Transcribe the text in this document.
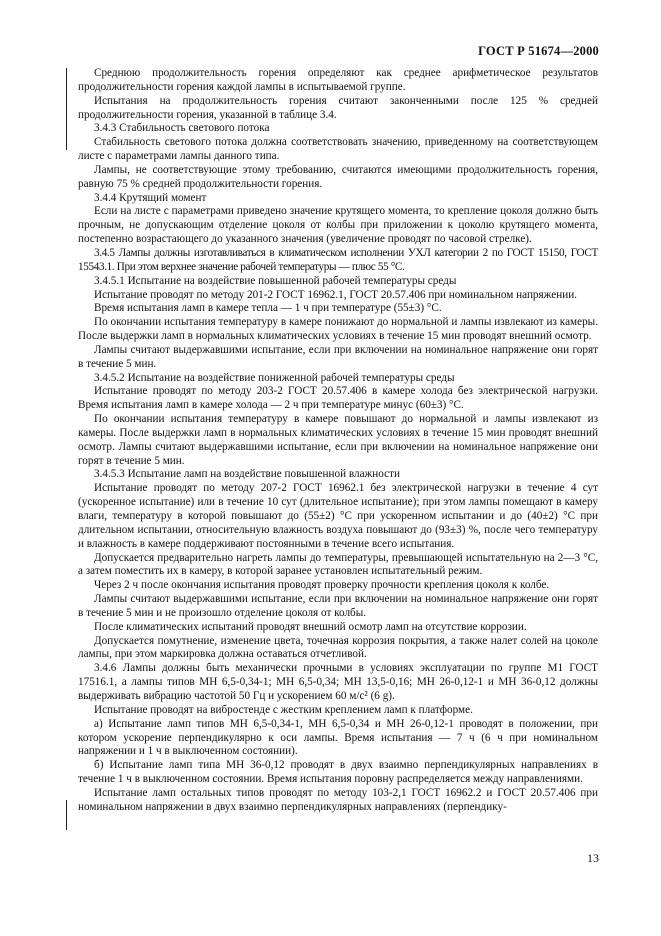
ГОСТ Р 51674—2000

Среднюю продолжительность горения определяют как среднее арифметическое результатов продолжительности горения каждой лампы в испытываемой группе.

Испытания на продолжительность горения считают законченными после 125 % средней продолжительности горения, указанной в таблице 3.4.

3.4.3 Стабильность светового потока

Стабильность светового потока должна соответствовать значению, приведенному на соответствующем листе с параметрами лампы данного типа.

Лампы, не соответствующие этому требованию, считаются имеющими продолжительность горения, равную 75 % средней продолжительности горения.

3.4.4 Крутящий момент

Если на листе с параметрами приведено значение крутящего момента, то крепление цоколя должно быть прочным, не допускающим отделение цоколя от колбы при приложении к цоколю крутящего момента, постепенно возрастающего до указанного значения (увеличение проводят по часовой стрелке).

3.4.5 Лампы должны изготавливаться в климатическом исполнении УХЛ категории 2 по ГОСТ 15150, ГОСТ 15543.1. При этом верхнее значение рабочей температуры — плюс 55 °С.

3.4.5.1 Испытание на воздействие повышенной рабочей температуры среды

Испытание проводят по методу 201-2 ГОСТ 16962.1, ГОСТ 20.57.406 при номинальном напряжении.

Время испытания ламп в камере тепла — 1 ч при температуре (55±3) °С.

По окончании испытания температуру в камере понижают до нормальной и лампы извлекают из камеры. После выдержки ламп в нормальных климатических условиях в течение 15 мин проводят внешний осмотр.

Лампы считают выдержавшими испытание, если при включении на номинальное напряжение они горят в течение 5 мин.

3.4.5.2 Испытание на воздействие пониженной рабочей температуры среды

Испытание проводят по методу 203-2 ГОСТ 20.57.406 в камере холода без электрической нагрузки. Время испытания ламп в камере холода — 2 ч при температуре минус (60±3) °С.

По окончании испытания температуру в камере повышают до нормальной и лампы извлекают из камеры. После выдержки ламп в нормальных климатических условиях в течение 15 мин проводят внешний осмотр. Лампы считают выдержавшими испытание, если при включении на номинальное напряжение они горят в течение 5 мин.

3.4.5.3 Испытание ламп на воздействие повышенной влажности

Испытание проводят по методу 207-2 ГОСТ 16962.1 без электрической нагрузки в течение 4 сут (ускоренное испытание) или в течение 10 сут (длительное испытание); при этом лампы помещают в камеру влаги, температуру в которой повышают до (55±2) °С при ускоренном испытании и до (40±2) °С при длительном испытании, относительную влажность воздуха повышают до (93±3) %, после чего температуру и влажность в камере поддерживают постоянными в течение всего испытания.

Допускается предварительно нагреть лампы до температуры, превышающей испытательную на 2—3 °С, а затем поместить их в камеру, в которой заранее установлен испытательный режим.

Через 2 ч после окончания испытания проводят проверку прочности крепления цоколя к колбе.

Лампы считают выдержавшими испытание, если при включении на номинальное напряжение они горят в течение 5 мин и не произошло отделение цоколя от колбы.

После климатических испытаний проводят внешний осмотр ламп на отсутствие коррозии.

Допускается помутнение, изменение цвета, точечная коррозия покрытия, а также налет солей на цоколе лампы, при этом маркировка должна оставаться отчетливой.

3.4.6 Лампы должны быть механически прочными в условиях эксплуатации по группе М1 ГОСТ 17516.1, а лампы типов МН 6,5-0,34-1; МН 6,5-0,34; МН 13,5-0,16; МН 26-0,12-1 и МН 36-0,12 должны выдерживать вибрацию частотой 50 Гц и ускорением 60 м/с² (6 g).

Испытание проводят на вибростенде с жестким креплением ламп к платформе.

а) Испытание ламп типов МН 6,5-0,34-1, МН 6,5-0,34 и МН 26-0,12-1 проводят в положении, при котором ускорение перпендикулярно к оси лампы. Время испытания — 7 ч (6 ч при номинальном напряжении и 1 ч в выключенном состоянии).

б) Испытание ламп типа МН 36-0,12 проводят в двух взаимно перпендикулярных направлениях в течение 1 ч в выключенном состоянии. Время испытания поровну распределяется между направлениями.

Испытание ламп остальных типов проводят по методу 103-2,1 ГОСТ 16962.2 и ГОСТ 20.57.406 при номинальном напряжении в двух взаимно перпендикулярных направлениях (перпендику-

13
